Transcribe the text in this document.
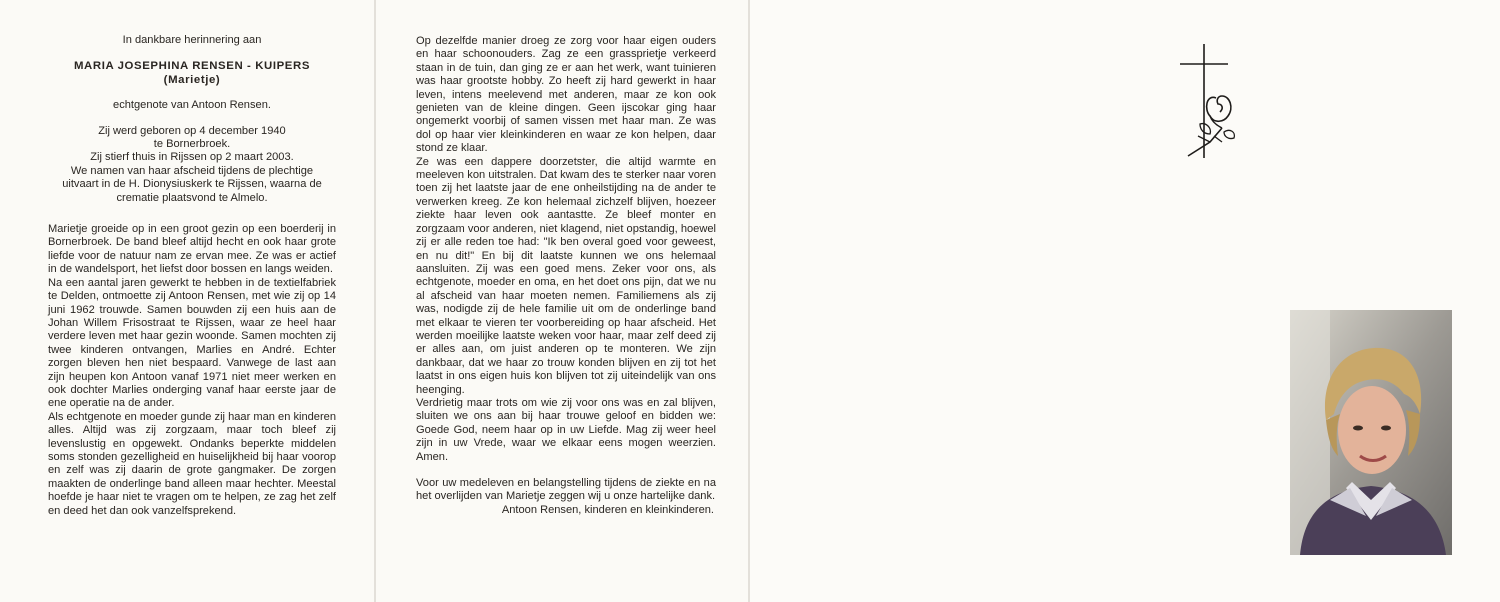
In dankbare herinnering aan
MARIA JOSEPHINA RENSEN - KUIPERS
(Marietje)
echtgenote van Antoon Rensen.
Zij werd geboren op 4 december 1940
te Bornerbroek.
Zij stierf thuis in Rijssen op 2 maart 2003.
We namen van haar afscheid tijdens de plechtige
uitvaart in de H. Dionysiuskerk te Rijssen, waarna de
crematie plaatsvond te Almelo.

Marietje groeide op in een groot gezin op een boerderij in Bornerbroek. De band bleef altijd hecht en ook haar grote liefde voor de natuur nam ze ervan mee. Ze was er actief in de wandelsport, het liefst door bossen en langs weiden.

Na een aantal jaren gewerkt te hebben in de textielfabriek te Delden, ontmoette zij Antoon Rensen, met wie zij op 14 juni 1962 trouwde. Samen bouwden zij een huis aan de Johan Willem Frisostraat te Rijssen, waar ze heel haar verdere leven met haar gezin woonde. Samen mochten zij twee kinderen ontvangen, Marlies en André. Echter zorgen bleven hen niet bespaard. Vanwege de last aan zijn heupen kon Antoon vanaf 1971 niet meer werken en ook dochter Marlies onderging vanaf haar eerste jaar de ene operatie na de ander.

Als echtgenote en moeder gunde zij haar man en kinderen alles. Altijd was zij zorgzaam, maar toch bleef zij levenslustig en opgewekt. Ondanks beperkte middelen soms stonden gezelligheid en huiselijkheid bij haar voorop en zelf was zij daarin de grote gangmaker. De zorgen maakten de onderlinge band alleen maar hechter. Meestal hoefde je haar niet te vragen om te helpen, ze zag het zelf en deed het dan ook vanzelfsprekend.

Op dezelfde manier droeg ze zorg voor haar eigen ouders en haar schoonouders. Zag ze een grassprietje verkeerd staan in de tuin, dan ging ze er aan het werk, want tuinieren was haar grootste hobby. Zo heeft zij hard gewerkt in haar leven, intens meelevend met anderen, maar ze kon ook genieten van de kleine dingen. Geen ijscokar ging haar ongemerkt voorbij of samen vissen met haar man. Ze was dol op haar vier kleinkinderen en waar ze kon helpen, daar stond ze klaar.

Ze was een dappere doorzetster, die altijd warmte en meeleven kon uitstralen. Dat kwam des te sterker naar voren toen zij het laatste jaar de ene onheilstijding na de ander te verwerken kreeg. Ze kon helemaal zichzelf blijven, hoezeer ziekte haar leven ook aantastte. Ze bleef monter en zorgzaam voor anderen, niet klagend, niet opstandig, hoewel zij er alle reden toe had: "Ik ben overal goed voor geweest, en nu dit!" En bij dit laatste kunnen we ons helemaal aansluiten. Zij was een goed mens. Zeker voor ons, als echtgenote, moeder en oma, en het doet ons pijn, dat we nu al afscheid van haar moeten nemen. Familiemens als zij was, nodigde zij de hele familie uit om de onderlinge band met elkaar te vieren ter voorbereiding op haar afscheid. Het werden moeilijke laatste weken voor haar, maar zelf deed zij er alles aan, om juist anderen op te monteren. We zijn dankbaar, dat we haar zo trouw konden blijven en zij tot het laatst in ons eigen huis kon blijven tot zij uiteindelijk van ons heenging.

Verdrietig maar trots om wie zij voor ons was en zal blijven, sluiten we ons aan bij haar trouwe geloof en bidden we: Goede God, neem haar op in uw Liefde. Mag zij weer heel zijn in uw Vrede, waar we elkaar eens mogen weerzien. Amen.

Voor uw medeleven en belangstelling tijdens de ziekte en na het overlijden van Marietje zeggen wij u onze hartelijke dank.

Antoon Rensen, kinderen en kleinkinderen.
